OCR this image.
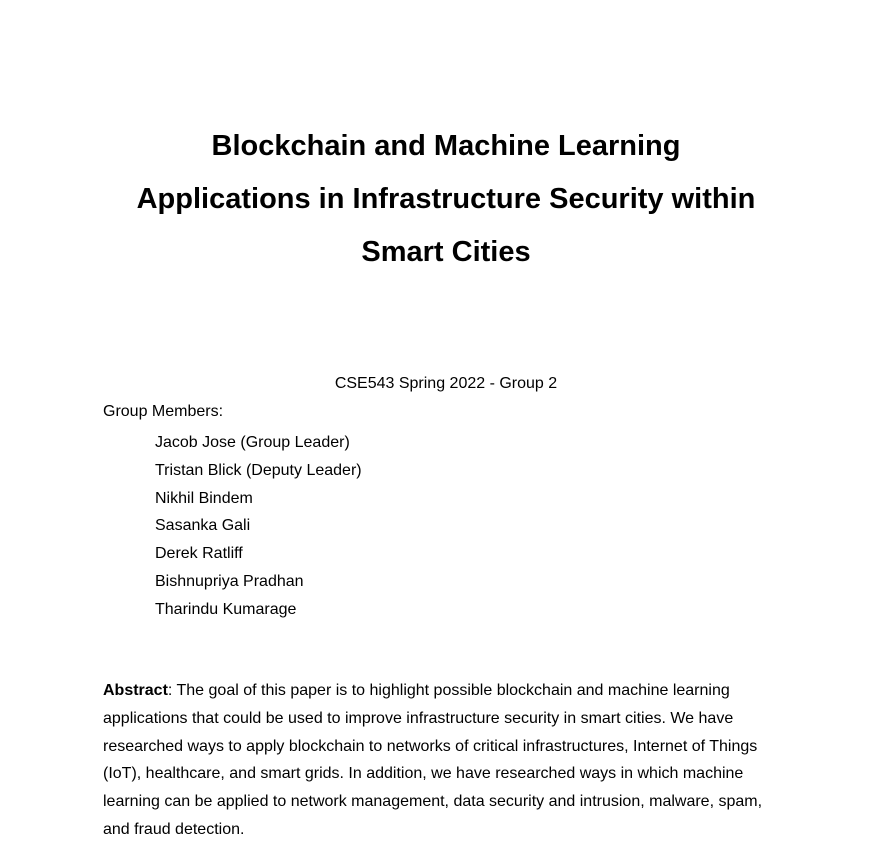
Blockchain and Machine Learning
Applications in Infrastructure Security within
Smart Cities
CSE543 Spring 2022 - Group 2
Group Members:
Jacob Jose (Group Leader)
Tristan Blick (Deputy Leader)
Nikhil Bindem
Sasanka Gali
Derek Ratliff
Bishnupriya Pradhan
Tharindu Kumarage

Abstract: The goal of this paper is to highlight possible blockchain and machine learning applications that could be used to improve infrastructure security in smart cities. We have researched ways to apply blockchain to networks of critical infrastructures, Internet of Things (IoT), healthcare, and smart grids. In addition, we have researched ways in which machine learning can be applied to network management, data security and intrusion, malware, spam, and fraud detection.
